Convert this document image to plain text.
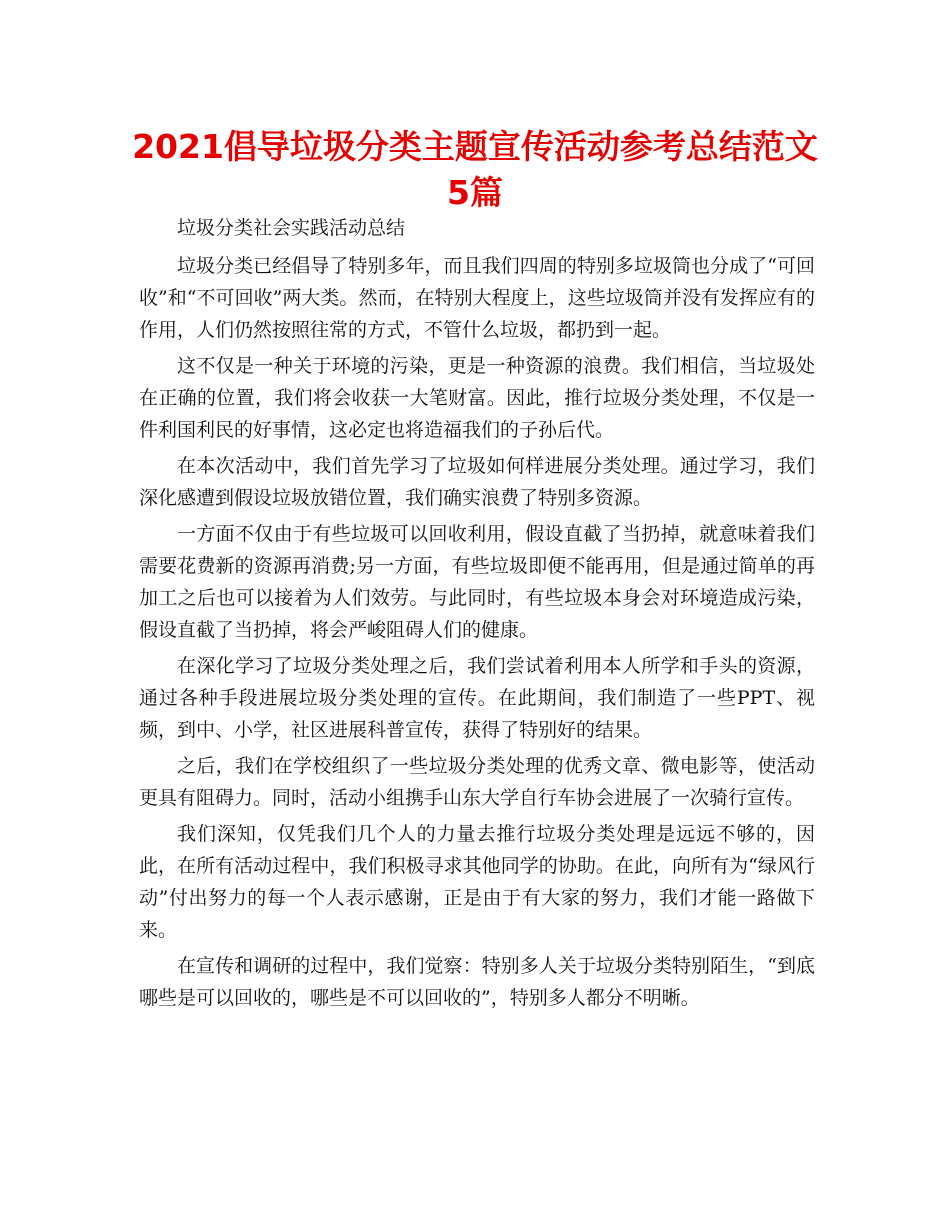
2021倡导垃圾分类主题宣传活动参考总结范文5篇

垃圾分类社会实践活动总结

垃圾分类已经倡导了特别多年，而且我们四周的特别多垃圾筒也分成了“可回收”和“不可回收”两大类。然而，在特别大程度上，这些垃圾筒并没有发挥应有的作用，人们仍然按照往常的方式，不管什么垃圾，都扔到一起。

这不仅是一种关于环境的污染，更是一种资源的浪费。我们相信，当垃圾处在正确的位置，我们将会收获一大笔财富。因此，推行垃圾分类处理，不仅是一件利国利民的好事情，这必定也将造福我们的子孙后代。

在本次活动中，我们首先学习了垃圾如何样进展分类处理。通过学习，我们深化感遭到假设垃圾放错位置，我们确实浪费了特别多资源。

一方面不仅由于有些垃圾可以回收利用，假设直截了当扔掉，就意味着我们需要花费新的资源再消费;另一方面，有些垃圾即便不能再用，但是通过简单的再加工之后也可以接着为人们效劳。与此同时，有些垃圾本身会对环境造成污染，假设直截了当扔掉，将会严峻阻碍人们的健康。

在深化学习了垃圾分类处理之后，我们尝试着利用本人所学和手头的资源，通过各种手段进展垃圾分类处理的宣传。在此期间，我们制造了一些PPT、视频，到中、小学，社区进展科普宣传，获得了特别好的结果。

之后，我们在学校组织了一些垃圾分类处理的优秀文章、微电影等，使活动更具有阻碍力。同时，活动小组携手山东大学自行车协会进展了一次骑行宣传。

我们深知，仅凭我们几个人的力量去推行垃圾分类处理是远远不够的，因此，在所有活动过程中，我们积极寻求其他同学的协助。在此，向所有为“绿风行动”付出努力的每一个人表示感谢，正是由于有大家的努力，我们才能一路做下来。

在宣传和调研的过程中，我们觉察：特别多人关于垃圾分类特别陌生，“到底哪些是可以回收的，哪些是不可以回收的”，特别多人都分不明晰。
